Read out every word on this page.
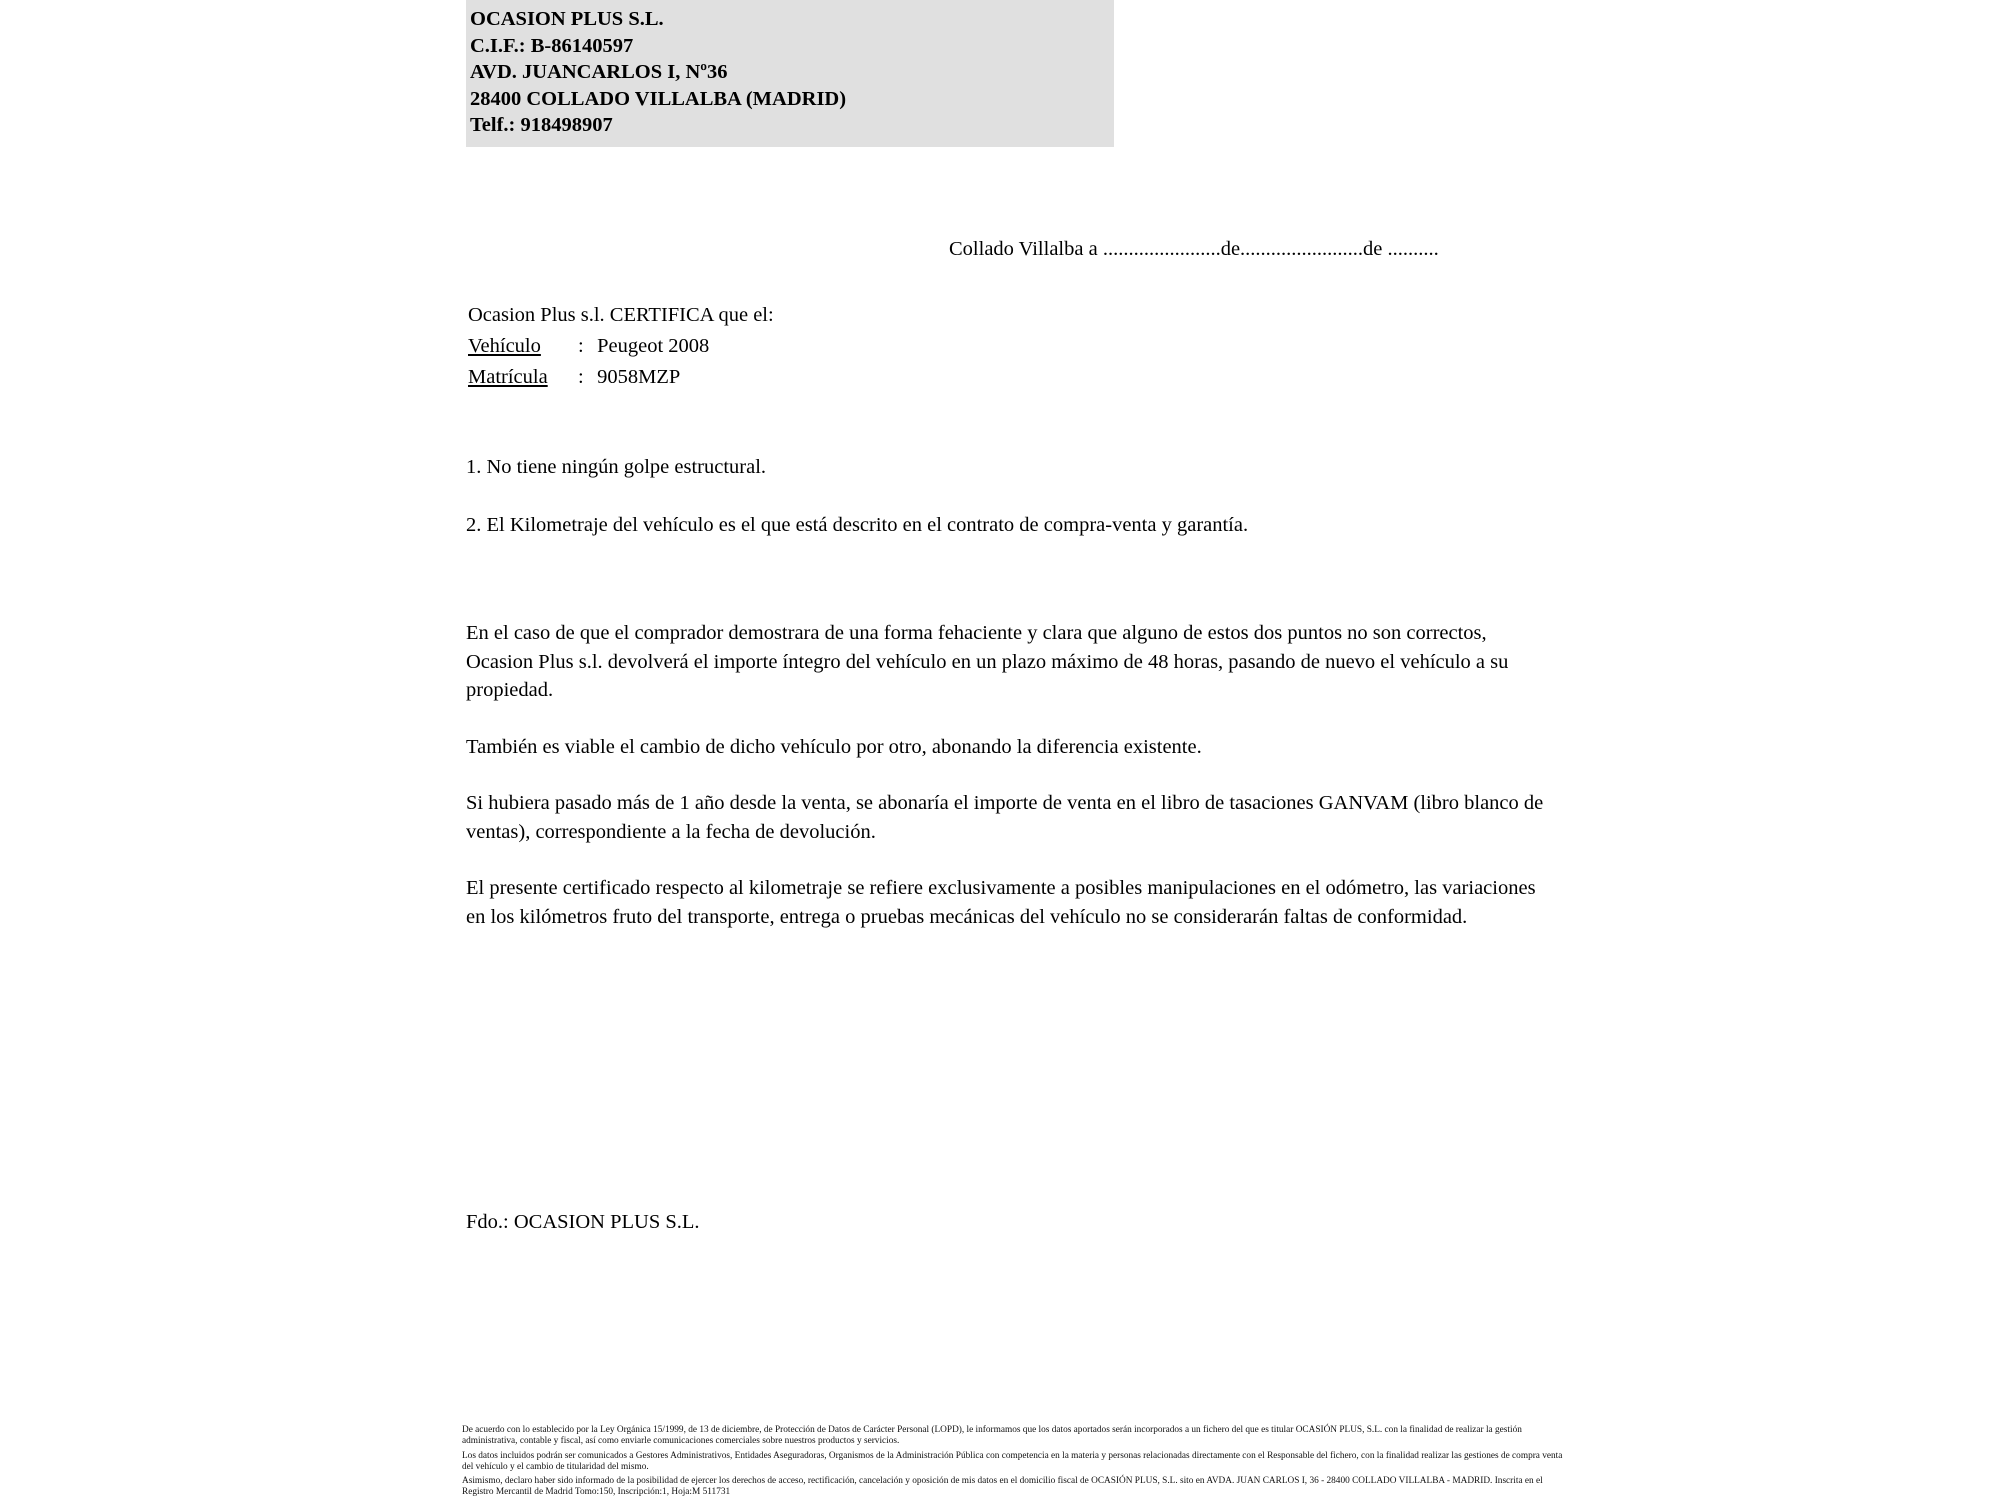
OCASION PLUS S.L.
C.I.F.: B-86140597
AVD. JUANCARLOS I, Nº36
28400 COLLADO VILLALBA (MADRID)
Telf.: 918498907
Collado Villalba a .......................de........................de ..........
Ocasion Plus s.l. CERTIFICA que el:
Vehículo : Peugeot 2008
Matrícula : 9058MZP

1. No tiene ningún golpe estructural.

2. El Kilometraje del vehículo es el que está descrito en el contrato de compra-venta y garantía.

En el caso de que el comprador demostrara de una forma fehaciente y clara que alguno de estos dos puntos no son correctos, Ocasion Plus s.l. devolverá el importe íntegro del vehículo en un plazo máximo de 48 horas, pasando de nuevo el vehículo a su propiedad.

También es viable el cambio de dicho vehículo por otro, abonando la diferencia existente.

Si hubiera pasado más de 1 año desde la venta, se abonaría el importe de venta en el libro de tasaciones GANVAM (libro blanco de ventas), correspondiente a la fecha de devolución.

El presente certificado respecto al kilometraje se refiere exclusivamente a posibles manipulaciones en el odómetro, las variaciones en los kilómetros fruto del transporte, entrega o pruebas mecánicas del vehículo no se considerarán faltas de conformidad.

Fdo.: OCASION PLUS S.L.

De acuerdo con lo establecido por la Ley Orgánica 15/1999, de 13 de diciembre, de Protección de Datos de Carácter Personal (LOPD), le informamos que los datos aportados serán incorporados a un fichero del que es titular OCASIÓN PLUS, S.L. con la finalidad de realizar la gestión administrativa, contable y fiscal, así como enviarle comunicaciones comerciales sobre nuestros productos y servicios.

Los datos incluidos podrán ser comunicados a Gestores Administrativos, Entidades Aseguradoras, Organismos de la Administración Pública con competencia en la materia y personas relacionadas directamente con el Responsable del fichero, con la finalidad realizar las gestiones de compra venta del vehículo y el cambio de titularidad del mismo.

Asimismo, declaro haber sido informado de la posibilidad de ejercer los derechos de acceso, rectificación, cancelación y oposición de mis datos en el domicilio fiscal de OCASIÓN PLUS, S.L. sito en AVDA. JUAN CARLOS I, 36 - 28400 COLLADO VILLALBA - MADRID. Inscrita en el Registro Mercantil de Madrid Tomo:150, Inscripción:1, Hoja:M 511731
